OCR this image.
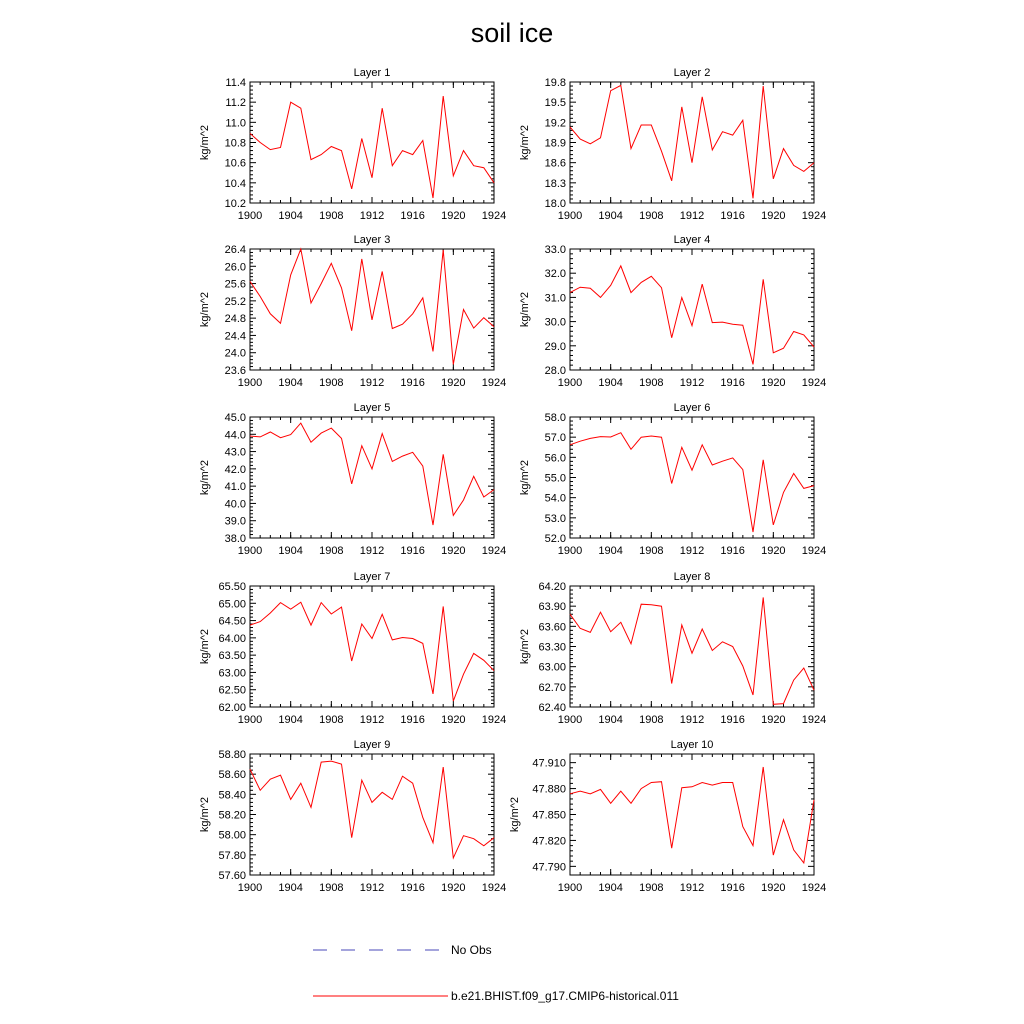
soil ice
Layer 1
1900 1904 1908 1912 1916 1920 1924
10.2
10.4
10.6
10.8
11.0
11.2
11.4
kg/m^2
Layer 2
1900 1904 1908 1912 1916 1920 1924
18.0
18.3
18.6
18.9
19.2
19.5
19.8
kg/m^2
Layer 3
1900 1904 1908 1912 1916 1920 1924
23.6
24.0
24.4
24.8
25.2
25.6
26.0
26.4
kg/m^2
Layer 4
1900 1904 1908 1912 1916 1920 1924
28.0
29.0
30.0
31.0
32.0
33.0
kg/m^2
Layer 5
1900 1904 1908 1912 1916 1920 1924
38.0
39.0
40.0
41.0
42.0
43.0
44.0
45.0
kg/m^2
Layer 6
1900 1904 1908 1912 1916 1920 1924
52.0
53.0
54.0
55.0
56.0
57.0
58.0
kg/m^2
Layer 7
1900 1904 1908 1912 1916 1920 1924
62.00
62.50
63.00
63.50
64.00
64.50
65.00
65.50
kg/m^2
Layer 8
1900 1904 1908 1912 1916 1920 1924
62.40
62.70
63.00
63.30
63.60
63.90
64.20
kg/m^2
Layer 9
1900 1904 1908 1912 1916 1920 1924
57.60
57.80
58.00
58.20
58.40
58.60
58.80
kg/m^2
Layer 10
1900 1904 1908 1912 1916 1920 1924
47.790
47.820
47.850
47.880
47.910
kg/m^2
No Obs
b.e21.BHIST.f09_g17.CMIP6-historical.011
